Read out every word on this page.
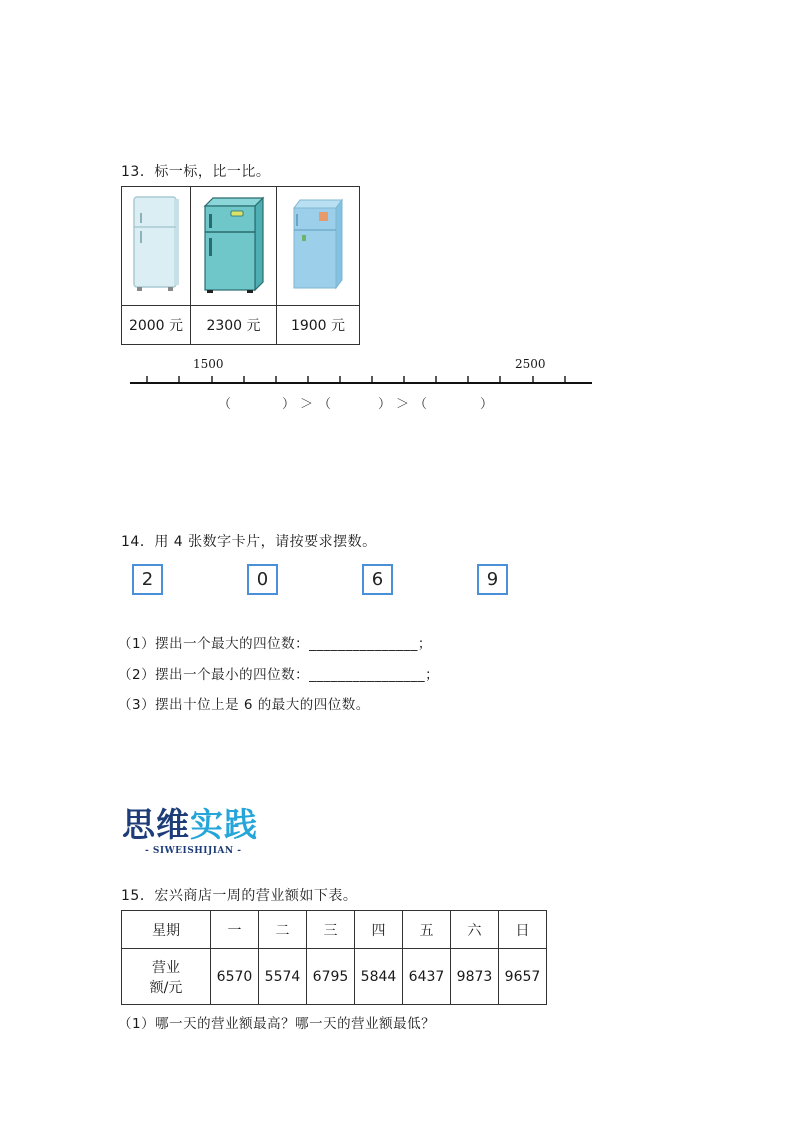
13．标一标，比一比。

2000 元	2300 元	1900 元
1500	2500
（	） ＞ （	） ＞ （	）
14．用 4 张数字卡片，请按要求摆数。
2	0	6	9
（1）摆出一个最大的四位数：_______________；
（2）摆出一个最小的四位数：________________；
（3）摆出十位上是 6 的最大的四位数。
思维实践
- SIWEISHIJIAN -
15．宏兴商店一周的营业额如下表。
星期	一	二	三	四	五	六	日

营业
额/元	6570	5574	6795	5844	6437	9873	9657
（1）哪一天的营业额最高？哪一天的营业额最低？
